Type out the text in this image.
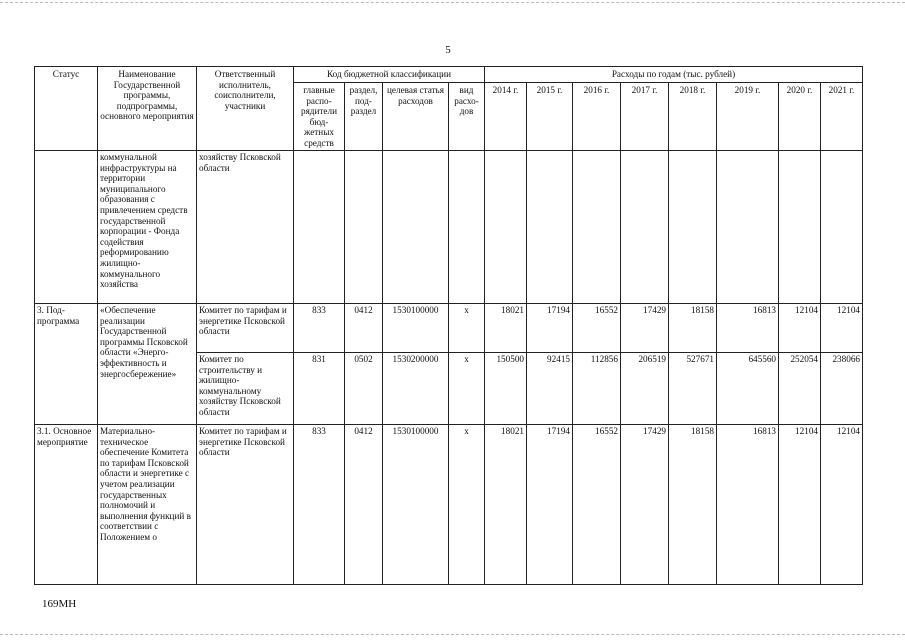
5
Статус	Наименование Государственной программы, подпрограммы, основного мероприятия	Ответственный исполнитель, соисполнители, участники	Код бюджетной классификации				Расходы по годам (тыс. рублей)							
			главные распо-рядители бюд-жетных средств	раздел, под-раздел	целевая статья расходов	вид расхо-дов	2014 г.	2015 г.	2016 г.	2017 г.	2018 г.	2019 г.	2020 г.	2021 г.
	коммунальной инфраструктуры на территории муниципального образования с привлечением средств государственной корпорации - Фонда содействия реформированию жилищно-коммунального хозяйства	хозяйству Псковской области												
3. Под-программа	«Обеспечение реализации Государственной программы Псковской области «Энерго-эффективность и энергосбережение»	Комитет по тарифам и энергетике Псковской области	833	0412	1530100000	х	18021	17194	16552	17429	18158	16813	12104	12104
		Комитет по строительству и жилищно-коммунальному хозяйству Псковской области	831	0502	1530200000	х	150500	92415	112856	206519	527671	645560	252054	238066
3.1. Основное мероприятие	Материально-техническое обеспечение Комитета по тарифам Псковской области и энергетике с учетом реализации государственных полномочий и выполнения функций в соответствии с Положением о	Комитет по тарифам и энергетике Псковской области	833	0412	1530100000	х	18021	17194	16552	17429	18158	16813	12104	12104
169MH
